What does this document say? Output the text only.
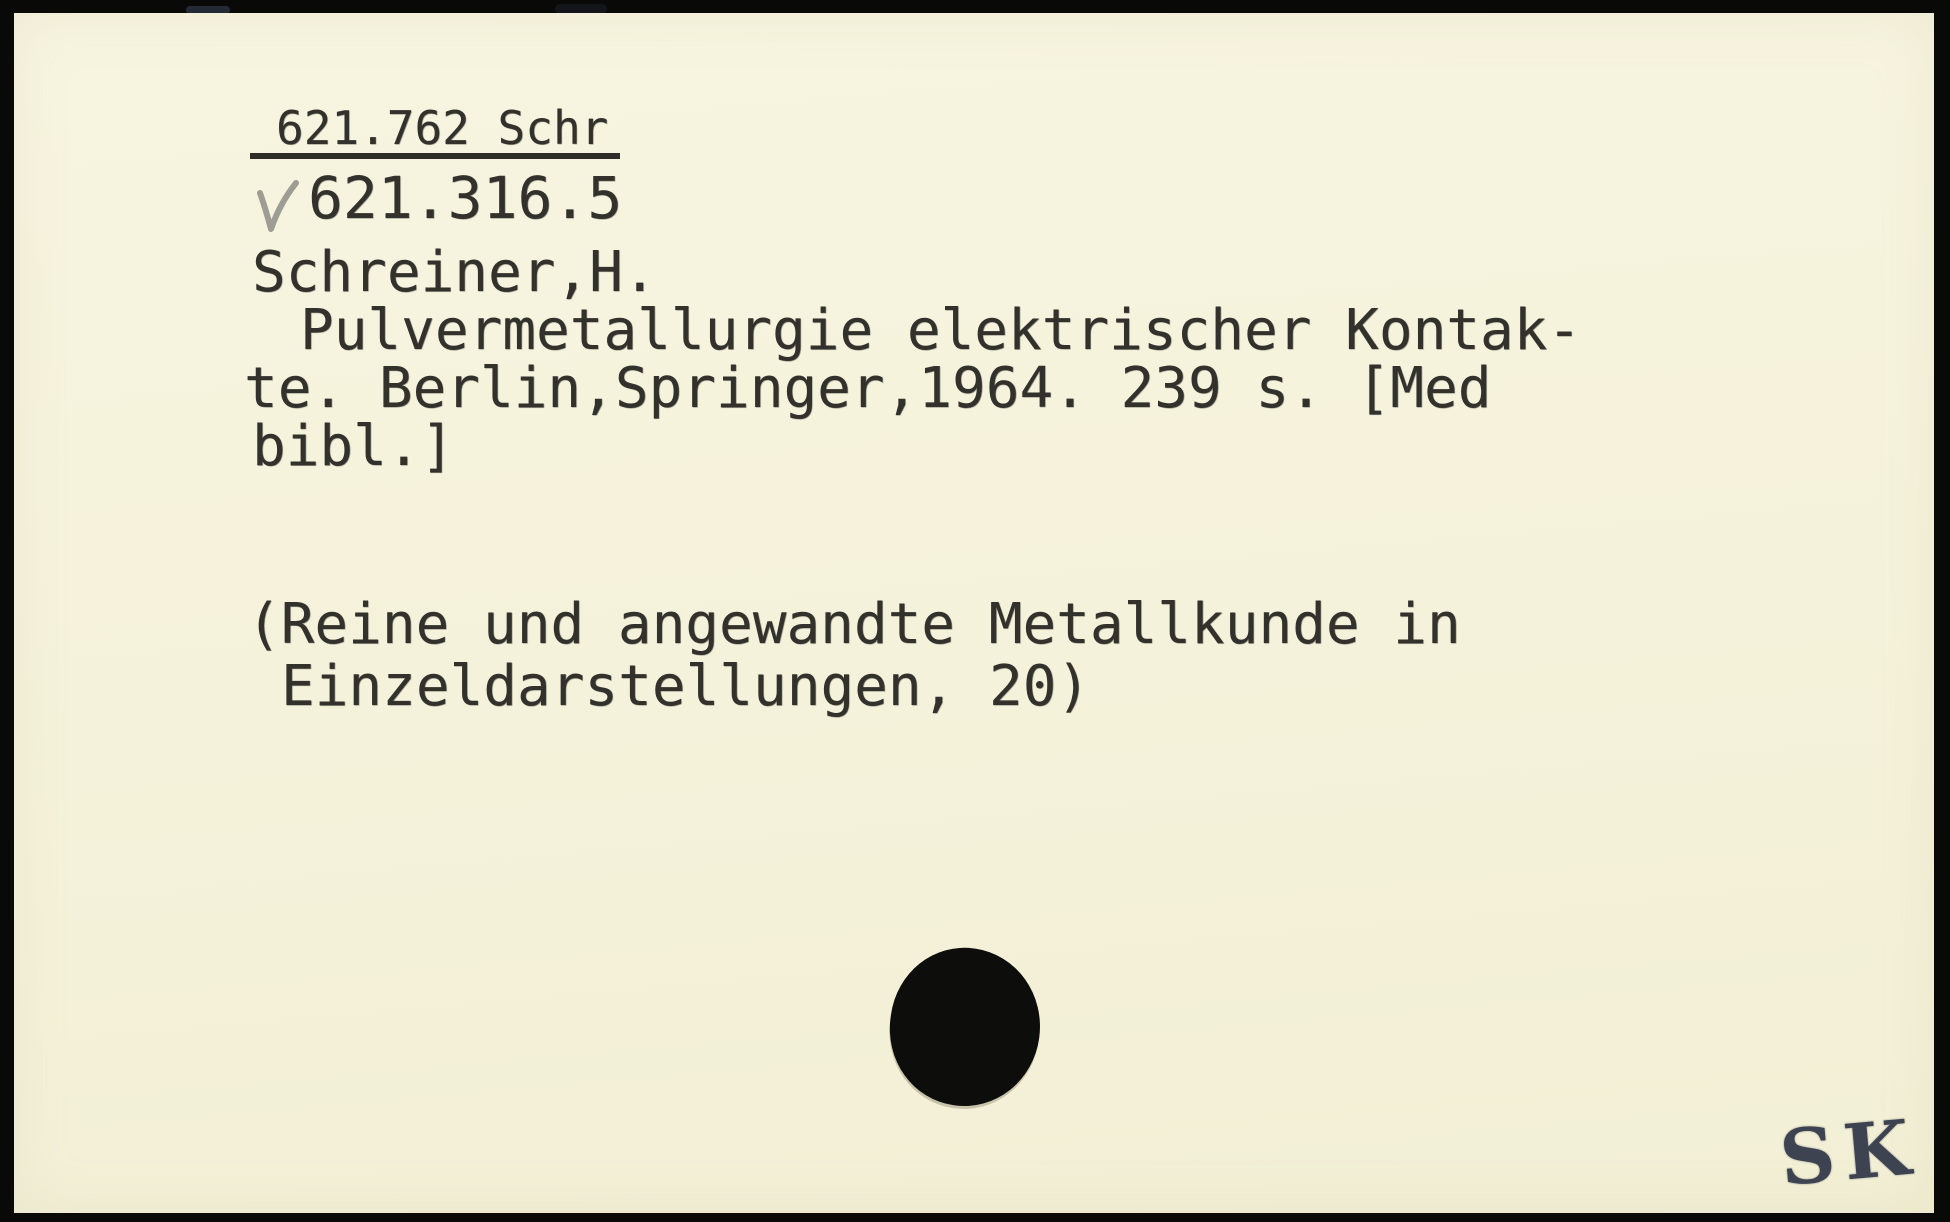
621.762 Schr
621.316.5
Schreiner,H.
Pulvermetallurgie elektrischer Kontak-
te. Berlin,Springer,1964. 239 s. [Med
bibl.]
(Reine und angewandte Metallkunde in
Einzeldarstellungen, 20)
SK
